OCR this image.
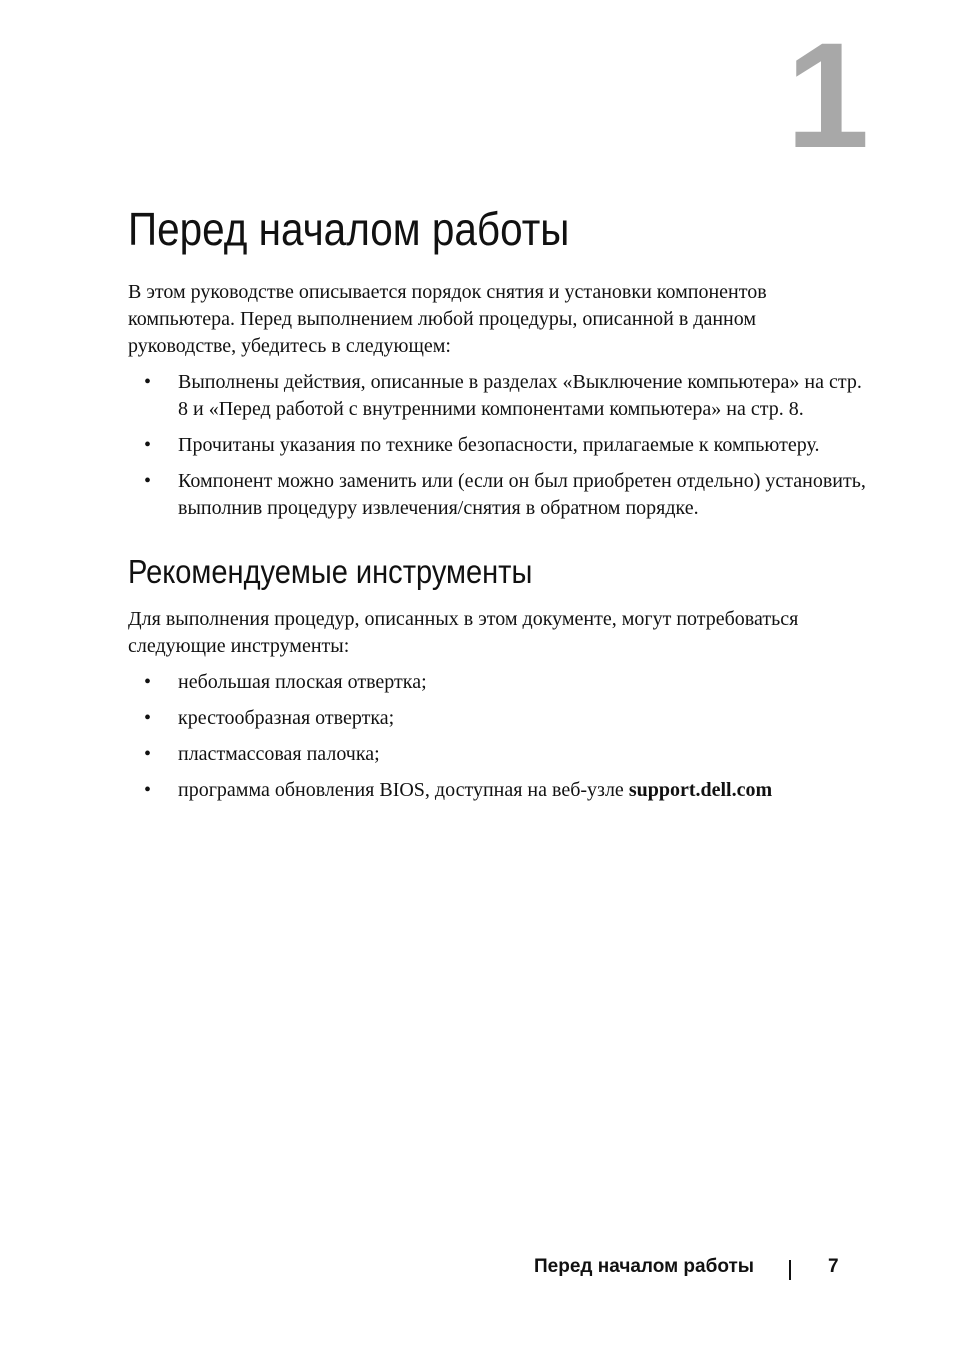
1
Перед началом работы

В этом руководстве описывается порядок снятия и установки компонентов компьютера. Перед выполнением любой процедуры, описанной в данном руководстве, убедитесь в следующем:

• Выполнены действия, описанные в разделах «Выключение компьютера» на стр. 8 и «Перед работой с внутренними компонентами компьютера» на стр. 8.
• Прочитаны указания по технике безопасности, прилагаемые к компьютеру.
• Компонент можно заменить или (если он был приобретен отдельно) установить, выполнив процедуру извлечения/снятия в обратном порядке.
Рекомендуемые инструменты

Для выполнения процедур, описанных в этом документе, могут потребоваться следующие инструменты:

• небольшая плоская отвертка;
• крестообразная отвертка;
• пластмассовая палочка;
• программа обновления BIOS, доступная на веб-узле support.dell.com
Перед началом работы	7
